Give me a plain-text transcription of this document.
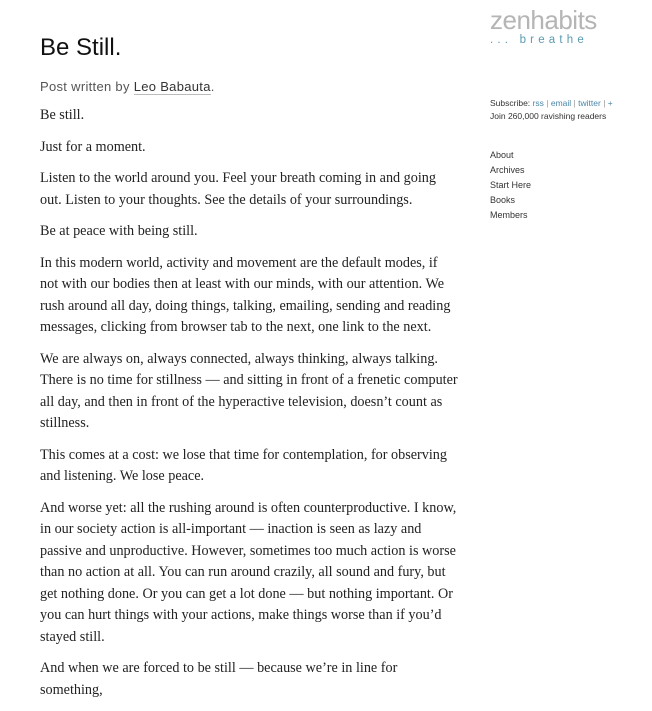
Be Still.
Post written by Leo Babauta.

Be still.

Just for a moment.

Listen to the world around you. Feel your breath coming in and going out. Listen to your thoughts. See the details of your surroundings.

Be at peace with being still.

In this modern world, activity and movement are the default modes, if not with our bodies then at least with our minds, with our attention. We rush around all day, doing things, talking, emailing, sending and reading messages, clicking from browser tab to the next, one link to the next.

We are always on, always connected, always thinking, always talking. There is no time for stillness — and sitting in front of a frenetic computer all day, and then in front of the hyperactive television, doesn’t count as stillness.

This comes at a cost: we lose that time for contemplation, for observing and listening. We lose peace.

And worse yet: all the rushing around is often counterproductive. I know, in our society action is all-important — inaction is seen as lazy and passive and unproductive. However, sometimes too much action is worse than no action at all. You can run around crazily, all sound and fury, but get nothing done. Or you can get a lot done — but nothing important. Or you can hurt things with your actions, make things worse than if you’d stayed still.

And when we are forced to be still — because we’re in line for something,

zenhabits
... breathe
Subscribe: rss | email | twitter | +
Join 260,000 ravishing readers
About
Archives
Start Here
Books
Members
